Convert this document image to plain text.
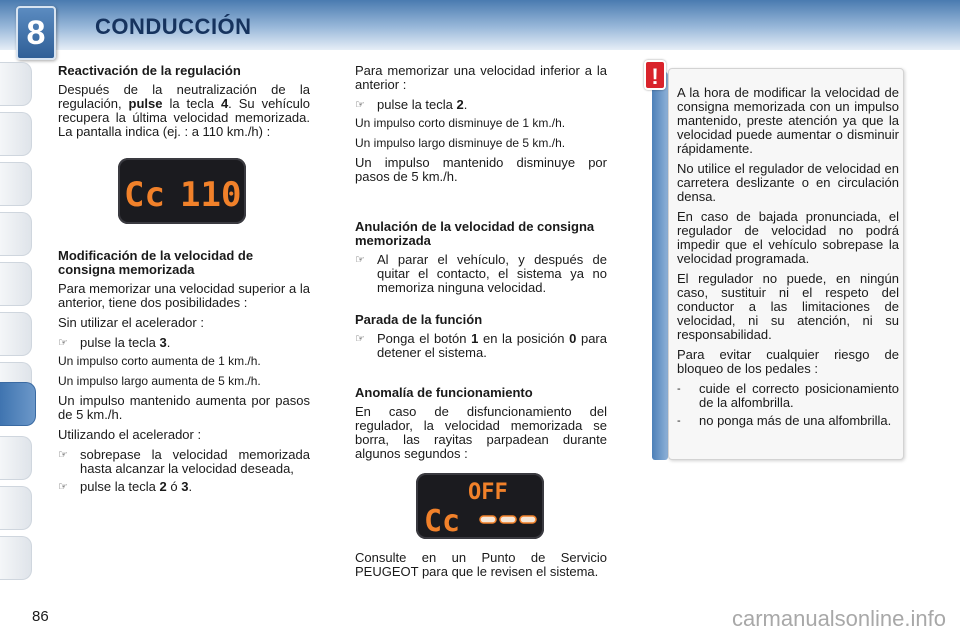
8	CONDUCCIÓN

Reactivación de la regulación

Después de la neutralización de la regulación, pulse la tecla 4. Su vehículo recupera la última velocidad memorizada. La pantalla indica (ej. : a 110 km./h) :

Modificación de la velocidad de consigna memorizada

Para memorizar una velocidad superior a la anterior, tiene dos posibilidades :

Sin utilizar el acelerador :

☞ pulse la tecla 3.

Un impulso corto aumenta de 1 km./h.

Un impulso largo aumenta de 5 km./h.

Un impulso mantenido aumenta por pasos de 5 km./h.

Utilizando el acelerador :

☞ sobrepase la velocidad memorizada hasta alcanzar la velocidad deseada,
☞ pulse la tecla 2 ó 3.
Cc 110

Para memorizar una velocidad inferior a la anterior :

☞ pulse la tecla 2.

Un impulso corto disminuye de 1 km./h.

Un impulso largo disminuye de 5 km./h.

Un impulso mantenido disminuye por pasos de 5 km./h.

Anulación de la velocidad de consigna memorizada

☞ Al parar el vehículo, y después de quitar el contacto, el sistema ya no memoriza ninguna velocidad.

Parada de la función

☞ Ponga el botón 1 en la posición 0 para detener el sistema.

Anomalía de funcionamiento

En caso de disfuncionamiento del regulador, la velocidad memorizada se borra, las rayitas parpadean durante algunos segundos :

Consulte en un Punto de Servicio PEUGEOT para que le revisen el sistema.

OFF
Cc
!

A la hora de modificar la velocidad de consigna memorizada con un impulso mantenido, preste atención ya que la velocidad puede aumentar o disminuir rápidamente.

No utilice el regulador de velocidad en carretera deslizante o en circulación densa.

En caso de bajada pronunciada, el regulador de velocidad no podrá impedir que el vehículo sobrepase la velocidad programada.

El regulador no puede, en ningún caso, sustituir ni el respeto del conductor a las limitaciones de velocidad, ni su atención, ni su responsabilidad.

Para evitar cualquier riesgo de bloqueo de los pedales :

-	cuide el correcto posicionamiento de la alfombrilla.
-	no ponga más de una alfombrilla.
86	carmanualsonline.info
